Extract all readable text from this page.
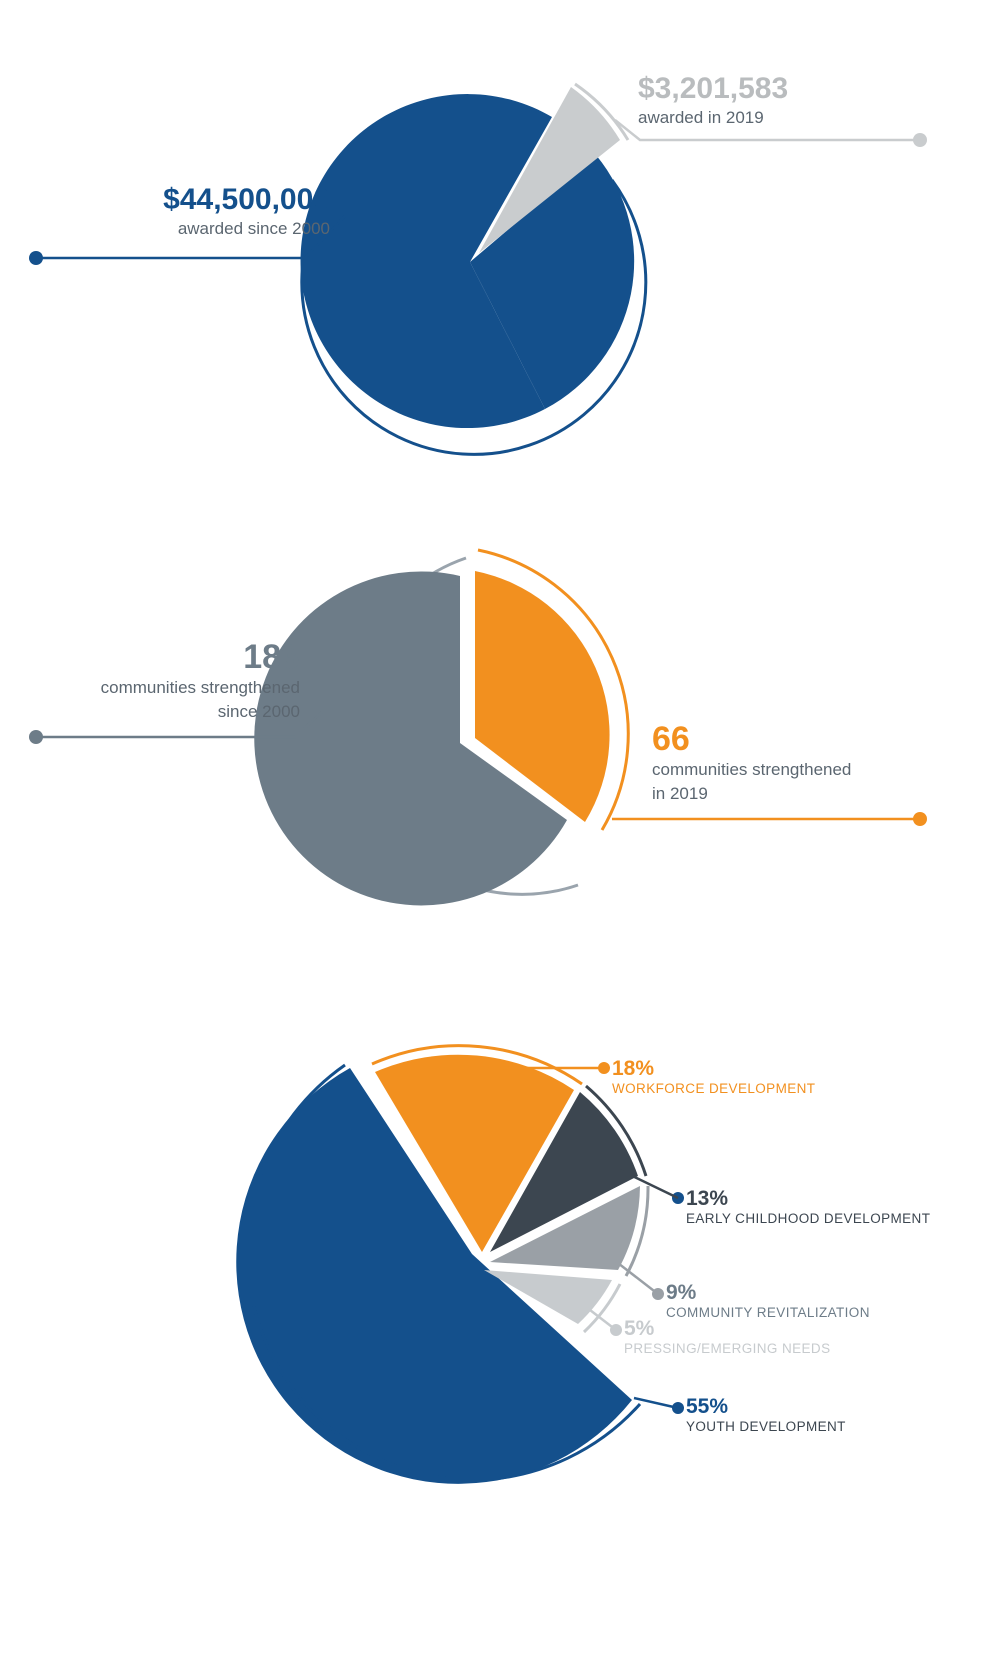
$44,500,000
awarded since 2000
$3,201,583
awarded in 2019
183
communities strengthened
since 2000
66
communities strengthened
in 2019
18%
WORKFORCE DEVELOPMENT
13%
EARLY CHILDHOOD DEVELOPMENT
9%
COMMUNITY REVITALIZATION
5%
PRESSING/EMERGING NEEDS
55%
YOUTH DEVELOPMENT
